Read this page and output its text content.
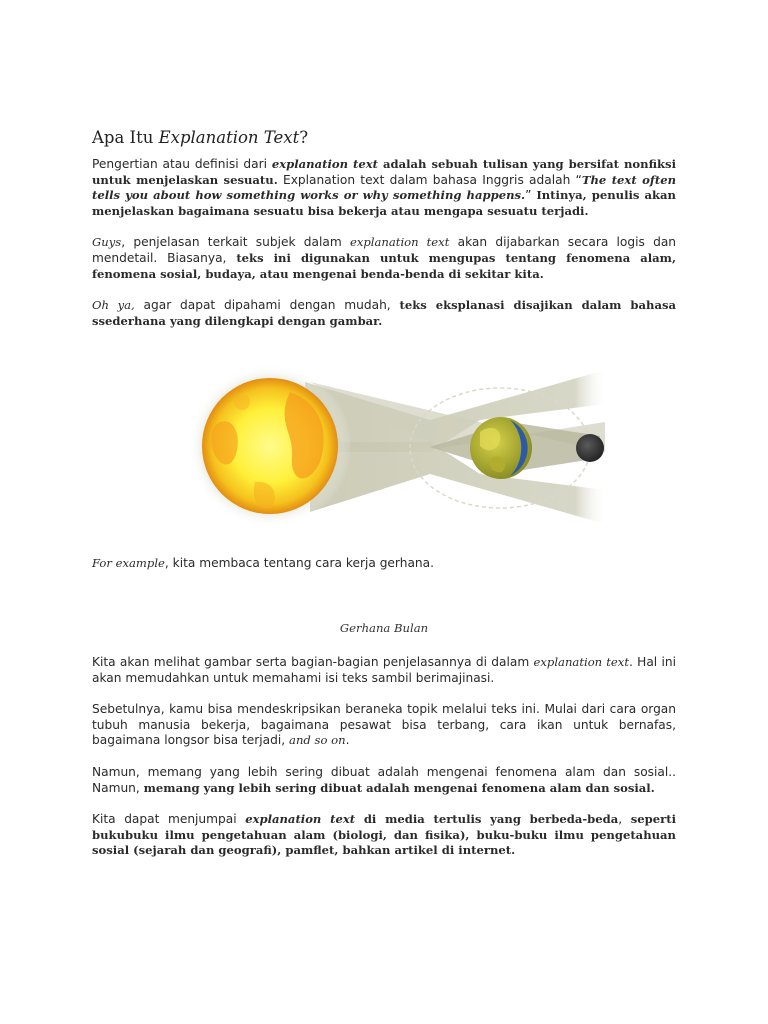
Apa Itu Explanation Text?

Pengertian atau definisi dari explanation text adalah sebuah tulisan yang bersifat nonfiksi untuk menjelaskan sesuatu. Explanation text dalam bahasa Inggris adalah “The text often tells you about how something works or why something happens.” Intinya, penulis akan menjelaskan bagaimana sesuatu bisa bekerja atau mengapa sesuatu terjadi.

Guys, penjelasan terkait subjek dalam explanation text akan dijabarkan secara logis dan mendetail. Biasanya, teks ini digunakan untuk mengupas tentang fenomena alam, fenomena sosial, budaya, atau mengenai benda-benda di sekitar kita.

Oh ya, agar dapat dipahami dengan mudah, teks eksplanasi disajikan dalam bahasa ssederhana yang dilengkapi dengan gambar.

For example, kita membaca tentang cara kerja gerhana.

Gerhana Bulan

Kita akan melihat gambar serta bagian-bagian penjelasannya di dalam explanation text. Hal ini akan memudahkan untuk memahami isi teks sambil berimajinasi.

Sebetulnya, kamu bisa mendeskripsikan beraneka topik melalui teks ini. Mulai dari cara organ tubuh manusia bekerja, bagaimana pesawat bisa terbang, cara ikan untuk bernafas, bagaimana longsor bisa terjadi, and so on.

Namun, memang yang lebih sering dibuat adalah mengenai fenomena alam dan sosial.. Namun, memang yang lebih sering dibuat adalah mengenai fenomena alam dan sosial.

Kita dapat menjumpai explanation text di media tertulis yang berbeda-beda, seperti bukubuku ilmu pengetahuan alam (biologi, dan fisika), buku-buku ilmu pengetahuan sosial (sejarah dan geografi), pamflet, bahkan artikel di internet.
